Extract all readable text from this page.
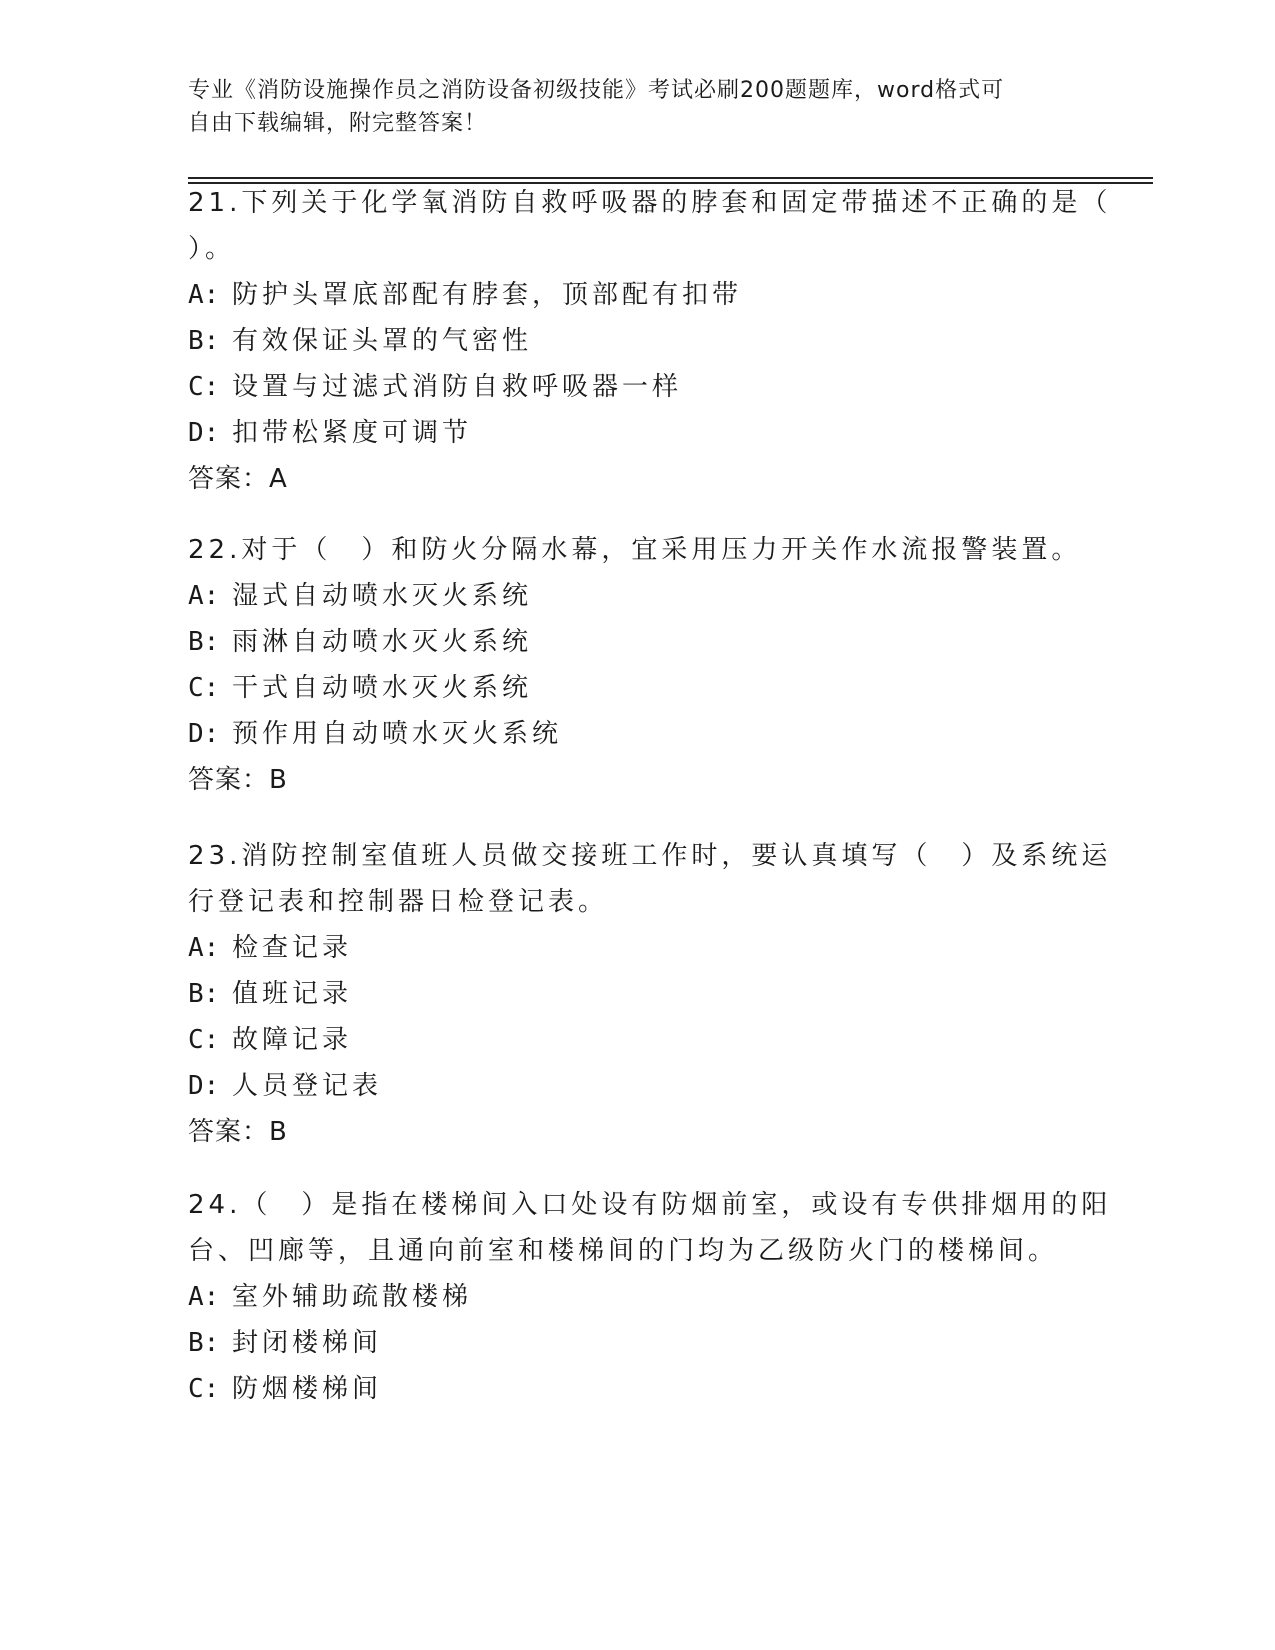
专业《消防设施操作员之消防设备初级技能》考试必刷200题题库，word格式可
自由下载编辑，附完整答案！
21.下列关于化学氧消防自救呼吸器的脖套和固定带描述不正确的是（
）。
A: 防护头罩底部配有脖套，顶部配有扣带
B: 有效保证头罩的气密性
C: 设置与过滤式消防自救呼吸器一样
D: 扣带松紧度可调节
答案：A
22.对于（　）和防火分隔水幕，宜采用压力开关作水流报警装置。
A: 湿式自动喷水灭火系统
B: 雨淋自动喷水灭火系统
C: 干式自动喷水灭火系统
D: 预作用自动喷水灭火系统
答案：B
23.消防控制室值班人员做交接班工作时，要认真填写（　）及系统运
行登记表和控制器日检登记表。
A: 检查记录
B: 值班记录
C: 故障记录
D: 人员登记表
答案：B
24.（　）是指在楼梯间入口处设有防烟前室，或设有专供排烟用的阳
台、凹廊等，且通向前室和楼梯间的门均为乙级防火门的楼梯间。
A: 室外辅助疏散楼梯
B: 封闭楼梯间
C: 防烟楼梯间
